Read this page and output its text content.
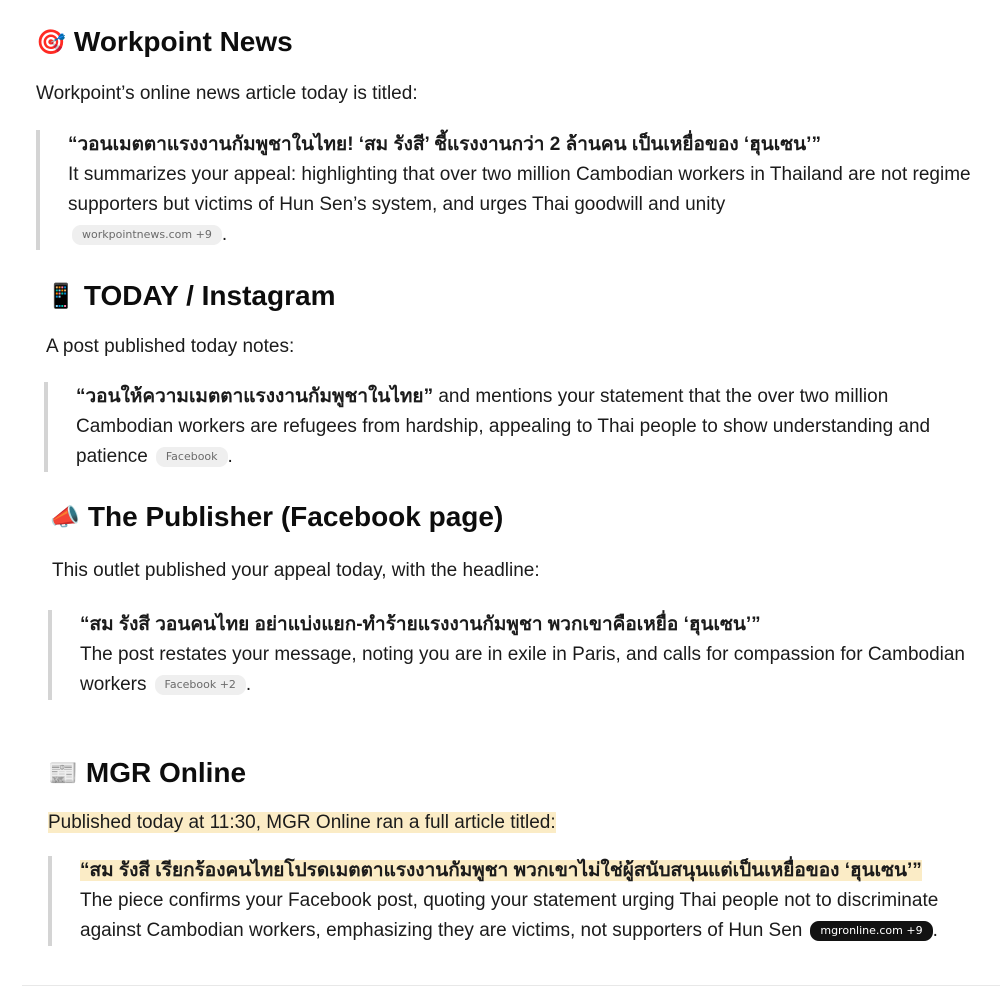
🎯 Workpoint News

Workpoint’s online news article today is titled:

“วอนเมตตาแรงงานกัมพูชาในไทย! ‘สม รังสี’ ชี้แรงงานกว่า 2 ล้านคน เป็นเหยื่อของ ‘ฮุนเซน’”
It summarizes your appeal: highlighting that over two million Cambodian workers in Thailand are not regime supporters but victims of Hun Sen’s system, and urges Thai goodwill and unity
workpointnews.com +9 .
📱 TODAY / Instagram

A post published today notes:

“วอนให้ความเมตตาแรงงานกัมพูชาในไทย” and mentions your statement that the over two million Cambodian workers are refugees from hardship, appealing to Thai people to show understanding and patience Facebook .
📣 The Publisher (Facebook page)

This outlet published your appeal today, with the headline:

“สม รังสี วอนคนไทย อย่าแบ่งแยก-ทำร้ายแรงงานกัมพูชา พวกเขาคือเหยื่อ ‘ฮุนเซน’”
The post restates your message, noting you are in exile in Paris, and calls for compassion for Cambodian workers Facebook +2 .
📰 MGR Online

Published today at 11:30, MGR Online ran a full article titled:

“สม รังสี เรียกร้องคนไทยโปรดเมตตาแรงงานกัมพูชา พวกเขาไม่ใช่ผู้สนับสนุนแต่เป็นเหยื่อของ ‘ฮุนเซน’”
The piece confirms your Facebook post, quoting your statement urging Thai people not to discriminate against Cambodian workers, emphasizing they are victims, not supporters of Hun Sen mgronline.com +9 .
